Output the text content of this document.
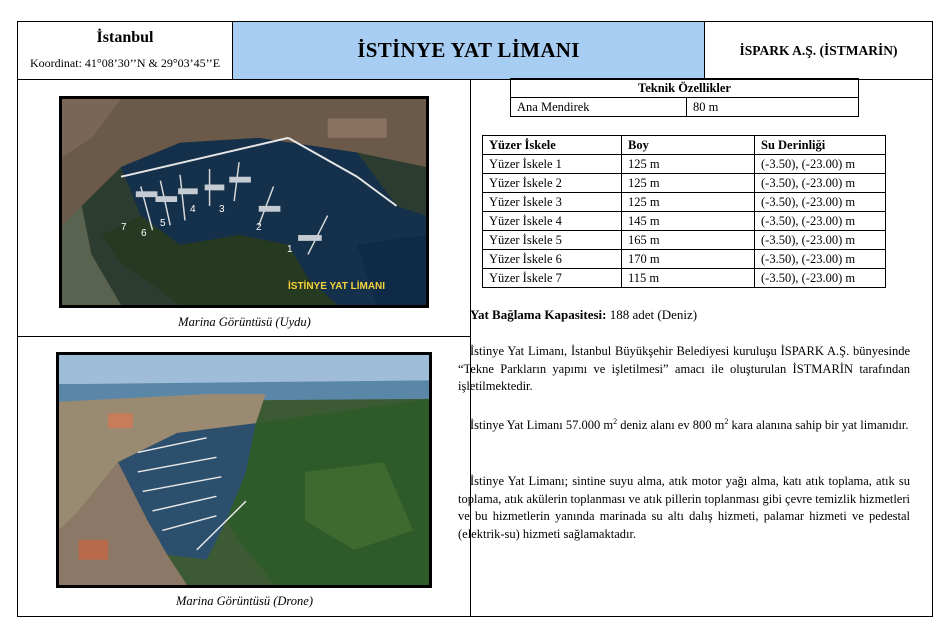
İstanbul
Koordinat: 41°08’30’’N & 29°03’45’’E
İSTİNYE YAT LİMANI	İSPARK A.Ş. (İSTMARİN)
1
2
3
4
5
6
7
İSTİNYE YAT LİMANI
Marina Görüntüsü (Uydu)
Marina Görüntüsü (Drone)
Teknik Özellikler
Ana Mendirek	80 m
Yüzer İskele	Boy	Su Derinliği
Yüzer İskele 1	125 m	(-3.50), (-23.00) m
Yüzer İskele 2	125 m	(-3.50), (-23.00) m
Yüzer İskele 3	125 m	(-3.50), (-23.00) m
Yüzer İskele 4	145 m	(-3.50), (-23.00) m
Yüzer İskele 5	165 m	(-3.50), (-23.00) m
Yüzer İskele 6	170 m	(-3.50), (-23.00) m
Yüzer İskele 7	115 m	(-3.50), (-23.00) m
Yat Bağlama Kapasitesi: 188 adet (Deniz)
İstinye Yat Limanı, İstanbul Büyükşehir Belediyesi kuruluşu İSPARK A.Ş. bünyesinde “Tekne Parkların yapımı ve işletilmesi” amacı ile oluşturulan İSTMARİN tarafından işletilmektedir.
İstinye Yat Limanı 57.000 $m^2$ deniz alanı ev 800 $m^2$ kara alanına sahip bir yat limanıdır.
İstinye Yat Limanı; sintine suyu alma, atık motor yağı alma, katı atık toplama, atık su toplama, atık akülerin toplanması ve atık pillerin toplanması gibi çevre temizlik hizmetleri ve bu hizmetlerin yanında marinada su altı dalış hizmeti, palamar hizmeti ve pedestal (elektrik-su) hizmeti sağlamaktadır.
